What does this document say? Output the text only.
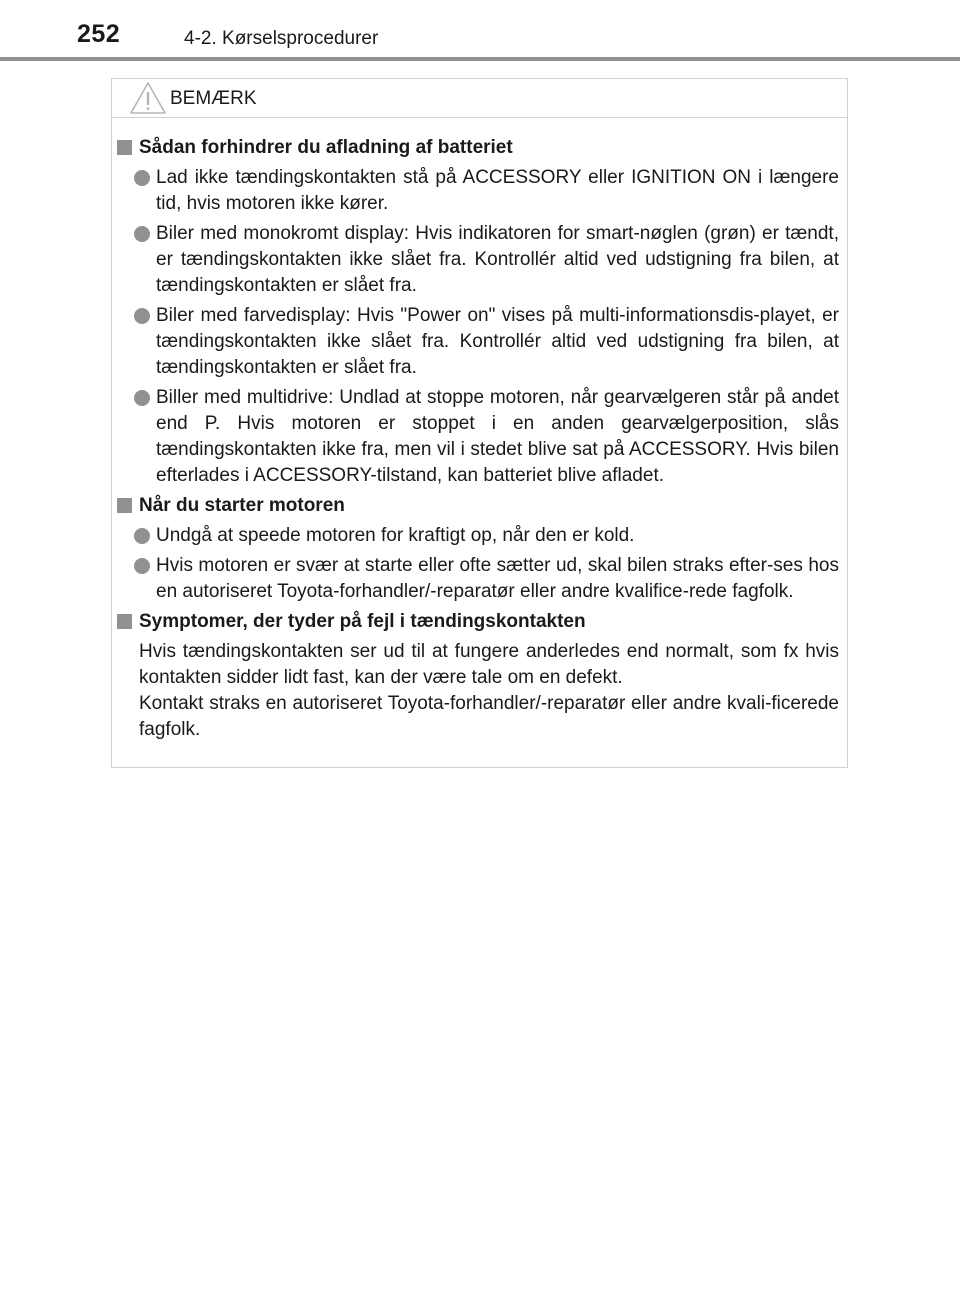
252	4-2. Kørselsprocedurer
BEMÆRK
Sådan forhindrer du afladning af batteriet
Lad ikke tændingskontakten stå på ACCESSORY eller IGNITION ON i længere tid, hvis motoren ikke kører.
Biler med monokromt display: Hvis indikatoren for smart-nøglen (grøn) er tændt, er tændingskontakten ikke slået fra. Kontrollér altid ved udstigning fra bilen, at tændingskontakten er slået fra.
Biler med farvedisplay: Hvis "Power on" vises på multi-informationsdis-playet, er tændingskontakten ikke slået fra. Kontrollér altid ved udstigning fra bilen, at tændingskontakten er slået fra.
Biller med multidrive: Undlad at stoppe motoren, når gearvælgeren står på andet end P. Hvis motoren er stoppet i en anden gearvælgerposition, slås tændingskontakten ikke fra, men vil i stedet blive sat på ACCESSORY. Hvis bilen efterlades i ACCESSORY-tilstand, kan batteriet blive afladet.
Når du starter motoren
Undgå at speede motoren for kraftigt op, når den er kold.
Hvis motoren er svær at starte eller ofte sætter ud, skal bilen straks efter-ses hos en autoriseret Toyota-forhandler/-reparatør eller andre kvalifice-rede fagfolk.
Symptomer, der tyder på fejl i tændingskontakten
Hvis tændingskontakten ser ud til at fungere anderledes end normalt, som fx hvis kontakten sidder lidt fast, kan der være tale om en defekt.
Kontakt straks en autoriseret Toyota-forhandler/-reparatør eller andre kvali-ficerede fagfolk.
